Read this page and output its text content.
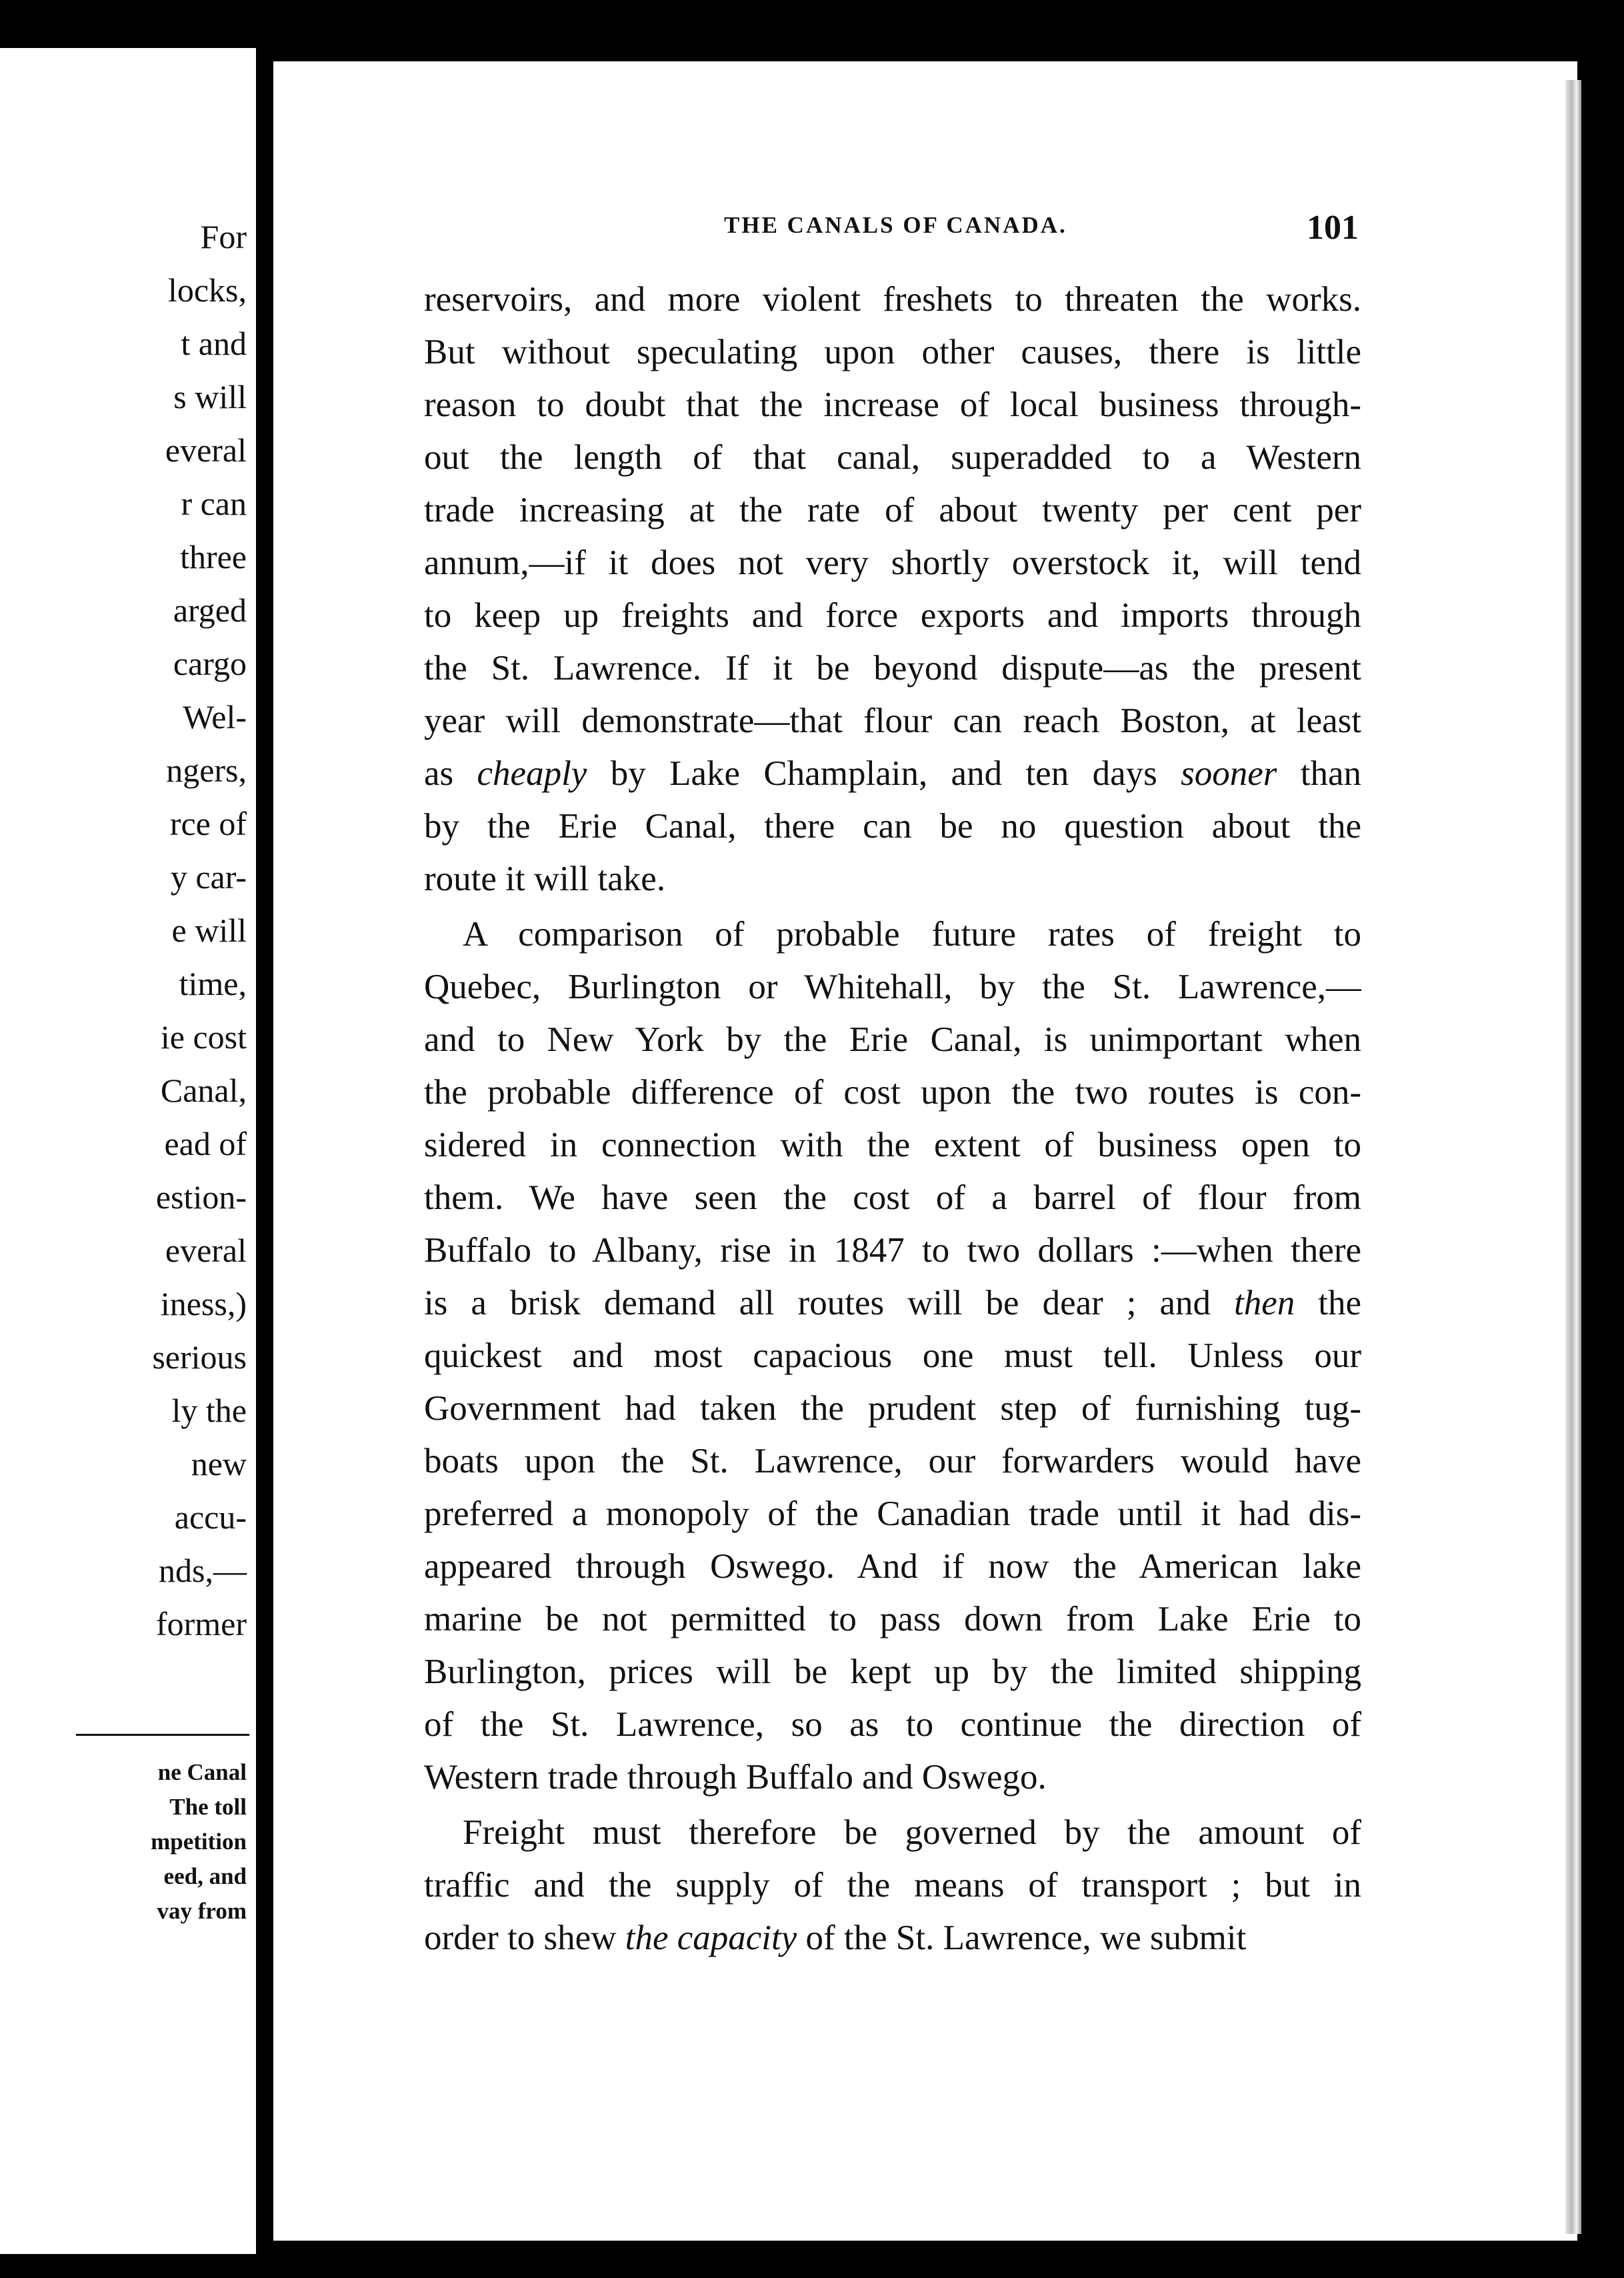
For
locks,
t and
s will
everal
r can
three
arged
cargo
Wel-
ngers,
rce of
y car-
e will
time,
ie cost
Canal,
ead of
estion-
everal
iness,)
serious
ly the
new
accu-
nds,—
former
ne Canal
The toll
mpetition
eed, and
vay from
THE CANALS OF CANADA.	101
reservoirs, and more violent freshets to threaten the works.
But without speculating upon other causes, there is little
reason to doubt that the increase of local business through-
out the length of that canal, superadded to a Western
trade increasing at the rate of about twenty per cent per
annum,—if it does not very shortly overstock it, will tend
to keep up freights and force exports and imports through
the St. Lawrence. If it be beyond dispute—as the present
year will demonstrate—that flour can reach Boston, at least
as cheaply by Lake Champlain, and ten days sooner than
by the Erie Canal, there can be no question about the
route it will take.
A comparison of probable future rates of freight to
Quebec, Burlington or Whitehall, by the St. Lawrence,—
and to New York by the Erie Canal, is unimportant when
the probable difference of cost upon the two routes is con-
sidered in connection with the extent of business open to
them. We have seen the cost of a barrel of flour from
Buffalo to Albany, rise in 1847 to two dollars :—when there
is a brisk demand all routes will be dear ; and then the
quickest and most capacious one must tell. Unless our
Government had taken the prudent step of furnishing tug-
boats upon the St. Lawrence, our forwarders would have
preferred a monopoly of the Canadian trade until it had dis-
appeared through Oswego. And if now the American lake
marine be not permitted to pass down from Lake Erie to
Burlington, prices will be kept up by the limited shipping
of the St. Lawrence, so as to continue the direction of
Western trade through Buffalo and Oswego.
Freight must therefore be governed by the amount of
traffic and the supply of the means of transport ; but in
order to shew the capacity of the St. Lawrence, we submit
